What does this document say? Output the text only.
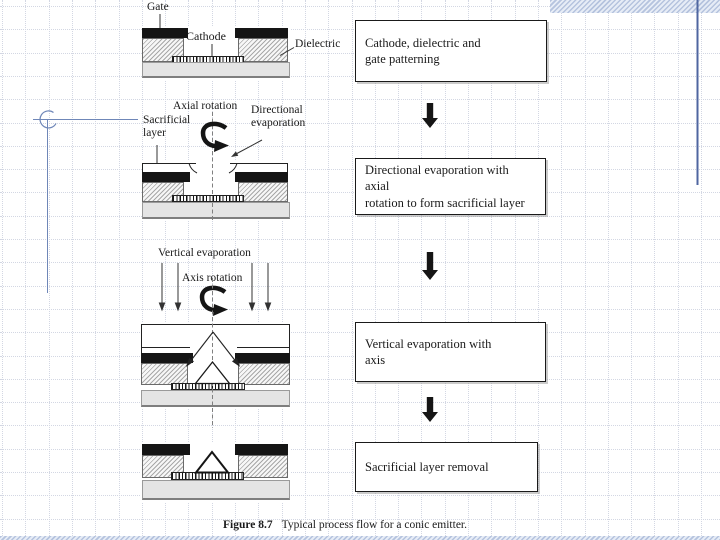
Gate
Cathode
Dielectric
Axial rotation
Sacrificial
layer
Directional
evaporation
Vertical evaporation
Axis rotation
Cathode, dielectric and
gate patterning
Directional evaporation with axial
rotation to form sacrificial layer
Vertical evaporation with
axis
Sacrificial layer removal
Figure 8.7 Typical process flow for a conic emitter.
